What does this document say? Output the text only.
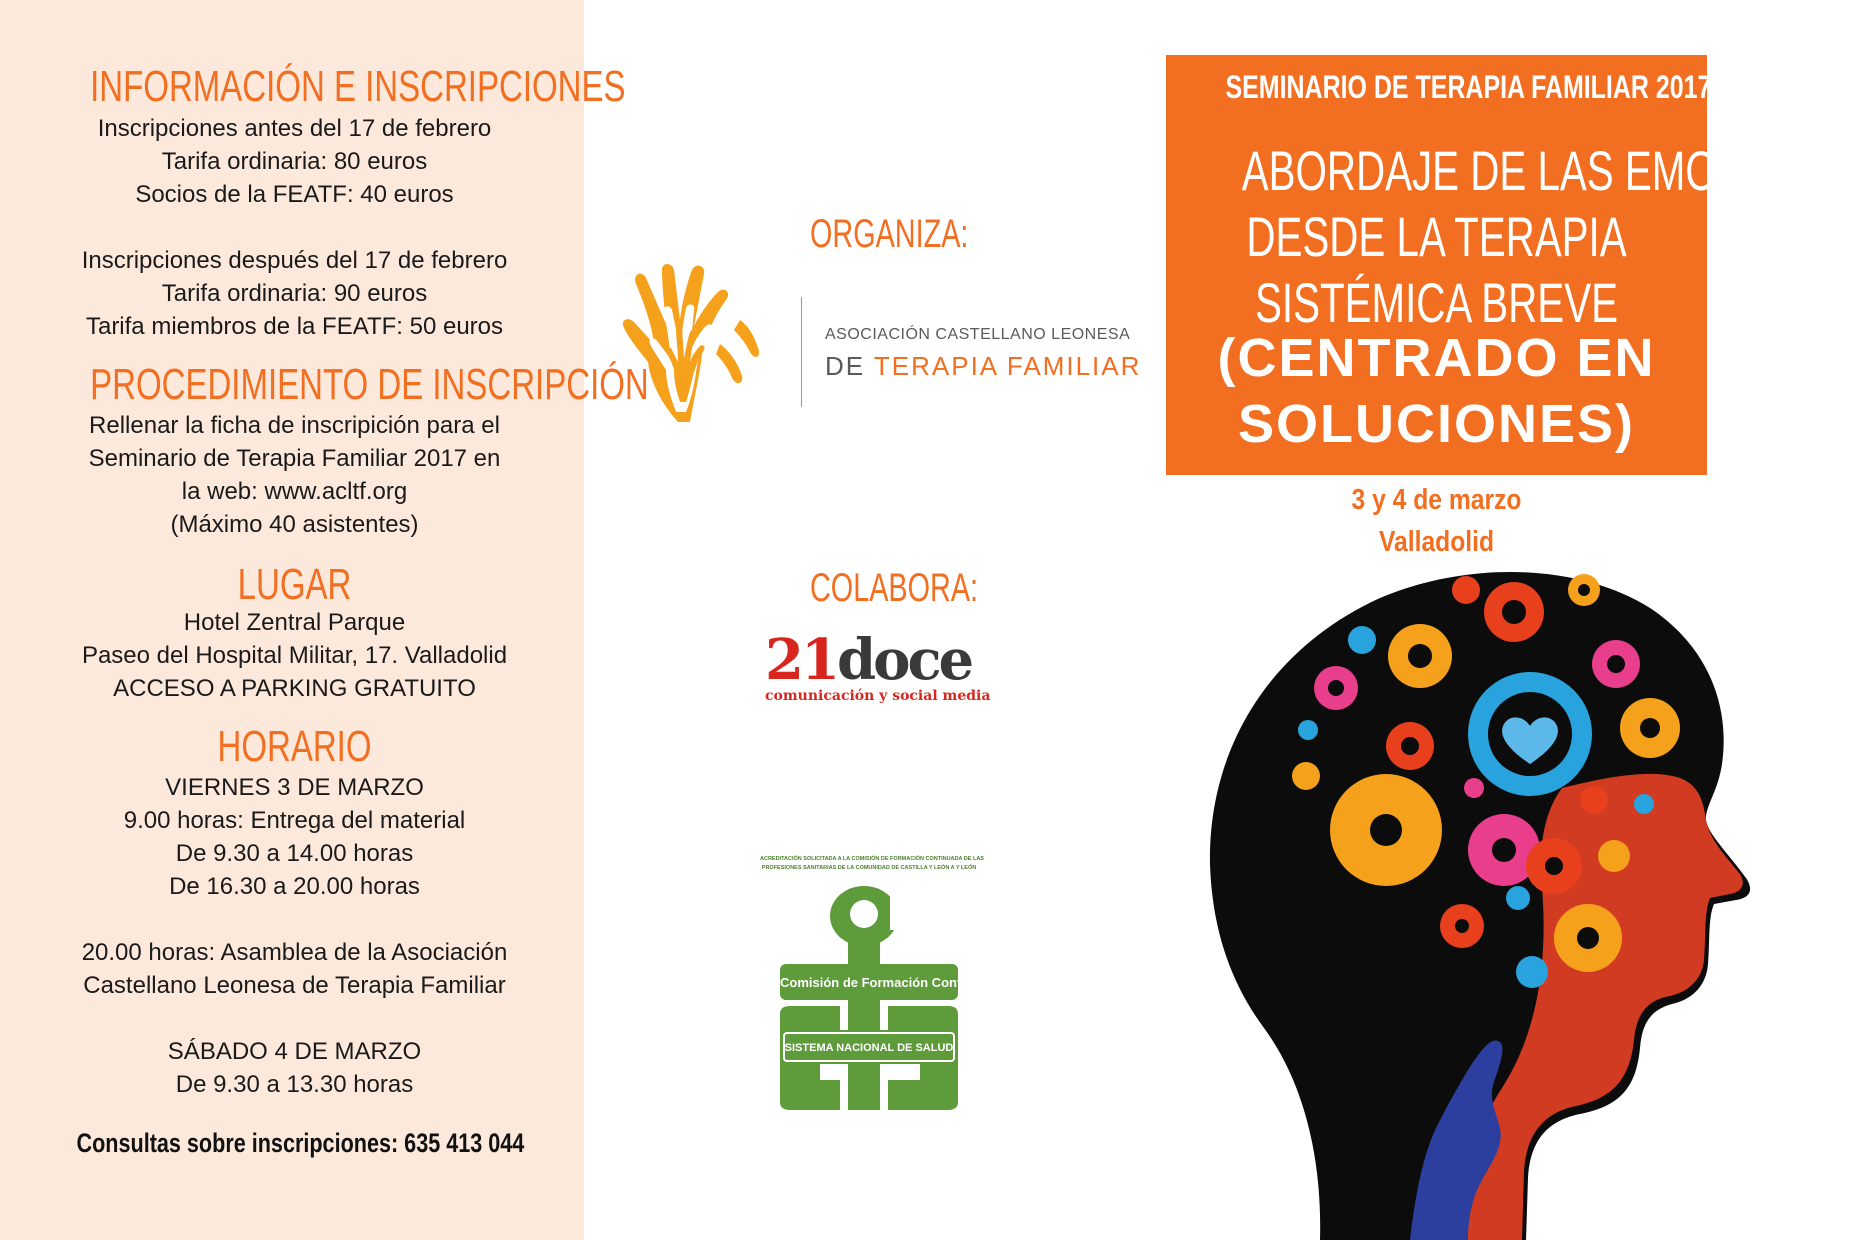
INFORMACIÓN E INSCRIPCIONES
Inscripciones antes del 17 de febrero
Tarifa ordinaria: 80 euros
Socios de la FEATF: 40 euros
Inscripciones después del 17 de febrero
Tarifa ordinaria: 90 euros
Tarifa miembros de la FEATF: 50 euros
PROCEDIMIENTO DE INSCRIPCIÓN
Rellenar la ficha de inscripición para el
Seminario de Terapia Familiar 2017 en
la web: www.acltf.org
(Máximo 40 asistentes)
LUGAR
Hotel Zentral Parque
Paseo del Hospital Militar, 17. Valladolid
ACCESO A PARKING GRATUITO
HORARIO
VIERNES 3 DE MARZO
9.00 horas: Entrega del material
De 9.30 a 14.00 horas
De 16.30 a 20.00 horas
20.00 horas: Asamblea de la Asociación
Castellano Leonesa de Terapia Familiar
SÁBADO 4 DE MARZO
De 9.30 a 13.30 horas
Consultas sobre inscripciones: 635 413 044
ORGANIZA:
ASOCIACIÓN CASTELLANO LEONESA
DE TERAPIA FAMILIAR
COLABORA:
21doce
comunicación y social media
ACREDITACIÓN SOLICITADA A LA COMISIÓN DE FORMACIÓN CONTINUADA DE LAS
PROFESIONES SANITARIAS DE LA COMUNIDAD DE CASTILLA Y LEÓN A Y LEÓN
Comisión de Formación Continuada
SISTEMA NACIONAL DE SALUD
SEMINARIO DE TERAPIA FAMILIAR 2017
ABORDAJE DE LAS EMOCIONES
DESDE LA TERAPIA
SISTÉMICA BREVE
(CENTRADO EN
SOLUCIONES)
3 y 4 de marzo
Valladolid
